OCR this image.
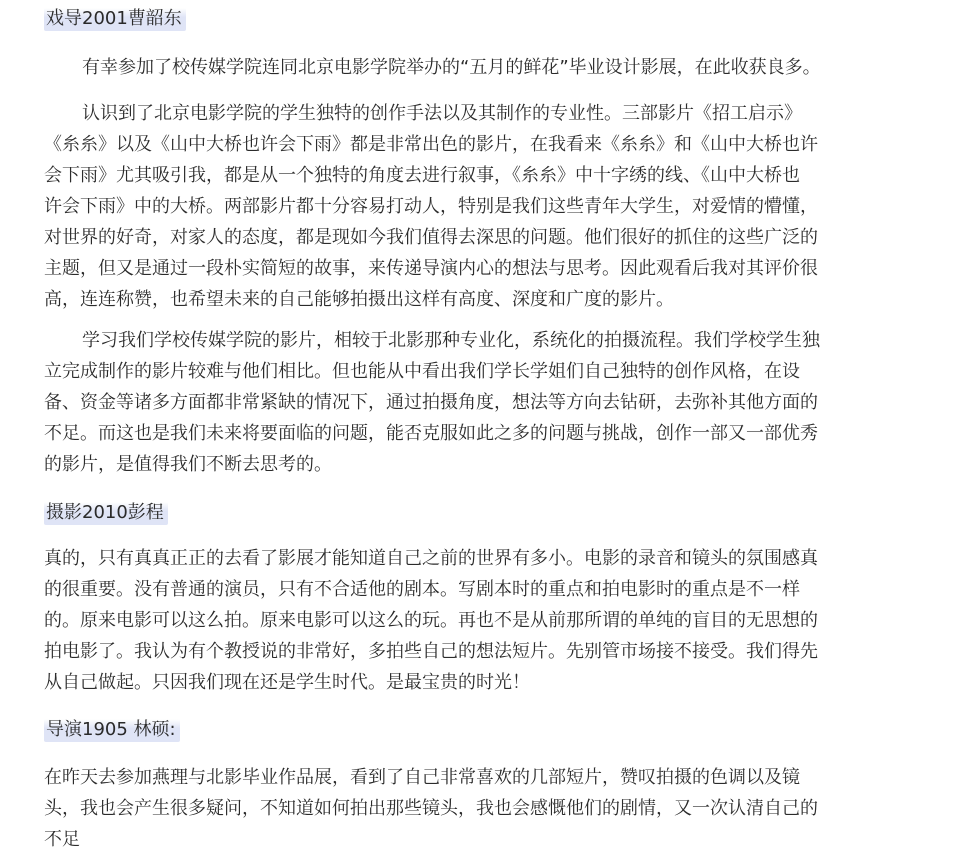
戏导2001曹韶东

有幸参加了校传媒学院连同北京电影学院举办的“五月的鲜花”毕业设计影展，在此收获良多。

认识到了北京电影学院的学生独特的创作手法以及其制作的专业性。三部影片《招工启示》
《糸糸》以及《山中大桥也许会下雨》都是非常出色的影片，在我看来《糸糸》和《山中大桥也许
会下雨》尤其吸引我，都是从一个独特的角度去进行叙事，《糸糸》中十字绣的线、《山中大桥也
许会下雨》中的大桥。两部影片都十分容易打动人，特别是我们这些青年大学生，对爱情的懵懂，
对世界的好奇，对家人的态度，都是现如今我们值得去深思的问题。他们很好的抓住的这些广泛的
主题，但又是通过一段朴实简短的故事，来传递导演内心的想法与思考。因此观看后我对其评价很
高，连连称赞，也希望未来的自己能够拍摄出这样有高度、深度和广度的影片。

学习我们学校传媒学院的影片，相较于北影那种专业化，系统化的拍摄流程。我们学校学生独
立完成制作的影片较难与他们相比。但也能从中看出我们学长学姐们自己独特的创作风格，在设
备、资金等诸多方面都非常紧缺的情况下，通过拍摄角度，想法等方向去钻研，去弥补其他方面的
不足。而这也是我们未来将要面临的问题，能否克服如此之多的问题与挑战，创作一部又一部优秀
的影片，是值得我们不断去思考的。

摄影2010彭程

真的，只有真真正正的去看了影展才能知道自己之前的世界有多小。电影的录音和镜头的氛围感真
的很重要。没有普通的演员，只有不合适他的剧本。写剧本时的重点和拍电影时的重点是不一样
的。原来电影可以这么拍。原来电影可以这么的玩。再也不是从前那所谓的单纯的盲目的无思想的
拍电影了。我认为有个教授说的非常好，多拍些自己的想法短片。先别管市场接不接受。我们得先
从自己做起。只因我们现在还是学生时代。是最宝贵的时光！

导演1905 林硕:

在昨天去参加燕理与北影毕业作品展，看到了自己非常喜欢的几部短片，赞叹拍摄的色调以及镜
头，我也会产生很多疑问，不知道如何拍出那些镜头，我也会感慨他们的剧情，又一次认清自己的
不足
